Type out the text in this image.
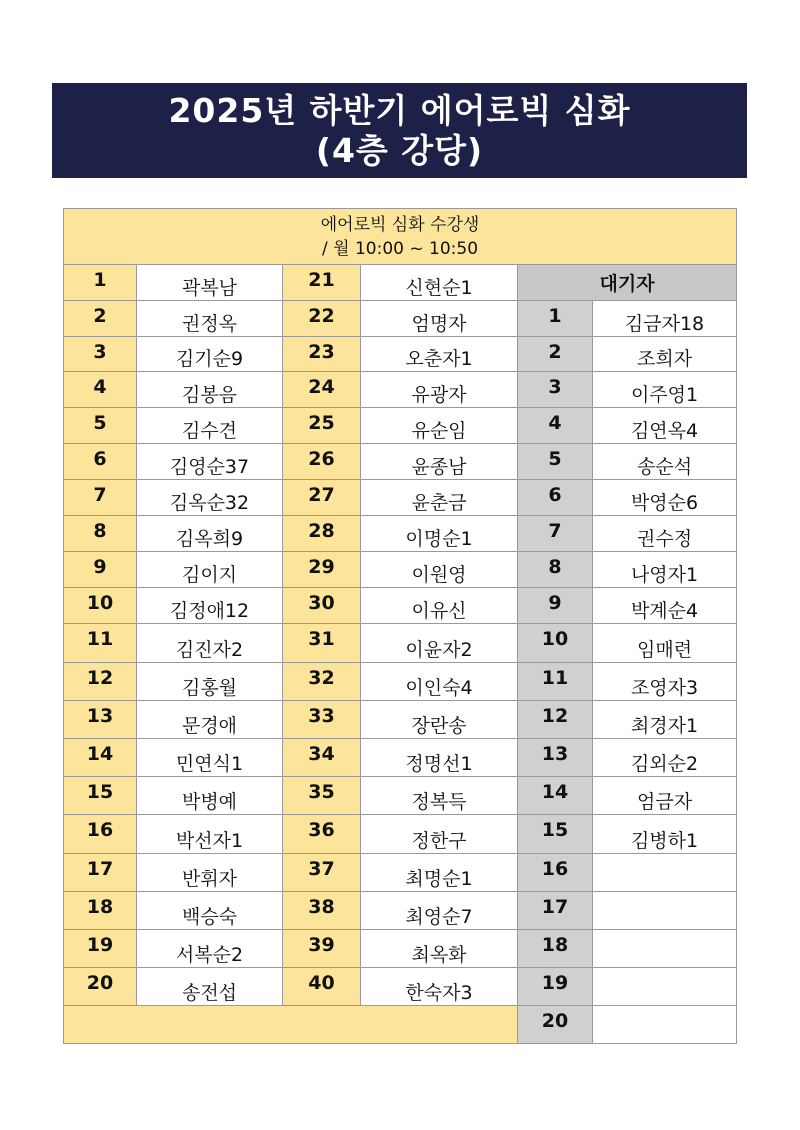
2025년 하반기 에어로빅 심화
(4층 강당)
에어로빅 심화 수강생
/ 월 10:00 ~ 10:50					

1	곽복남	21	신현순1	대기자	
2	권정옥	22	엄명자	1	김금자18
3	김기순9	23	오춘자1	2	조희자
4	김봉음	24	유광자	3	이주영1
5	김수견	25	유순임	4	김연옥4
6	김영순37	26	윤종남	5	송순석
7	김옥순32	27	윤춘금	6	박영순6
8	김옥희9	28	이명순1	7	권수정
9	김이지	29	이원영	8	나영자1
10	김정애12	30	이유신	9	박계순4
11	김진자2	31	이윤자2	10	임매련
12	김홍월	32	이인숙4	11	조영자3
13	문경애	33	장란송	12	최경자1
14	민연식1	34	정명선1	13	김외순2
15	박병예	35	정복득	14	엄금자
16	박선자1	36	정한구	15	김병하1
17	반휘자	37	최명순1	16	
18	백승숙	38	최영순7	17	
19	서복순2	39	최옥화	18	
20	송전섭	40	한숙자3	19	
				20	
